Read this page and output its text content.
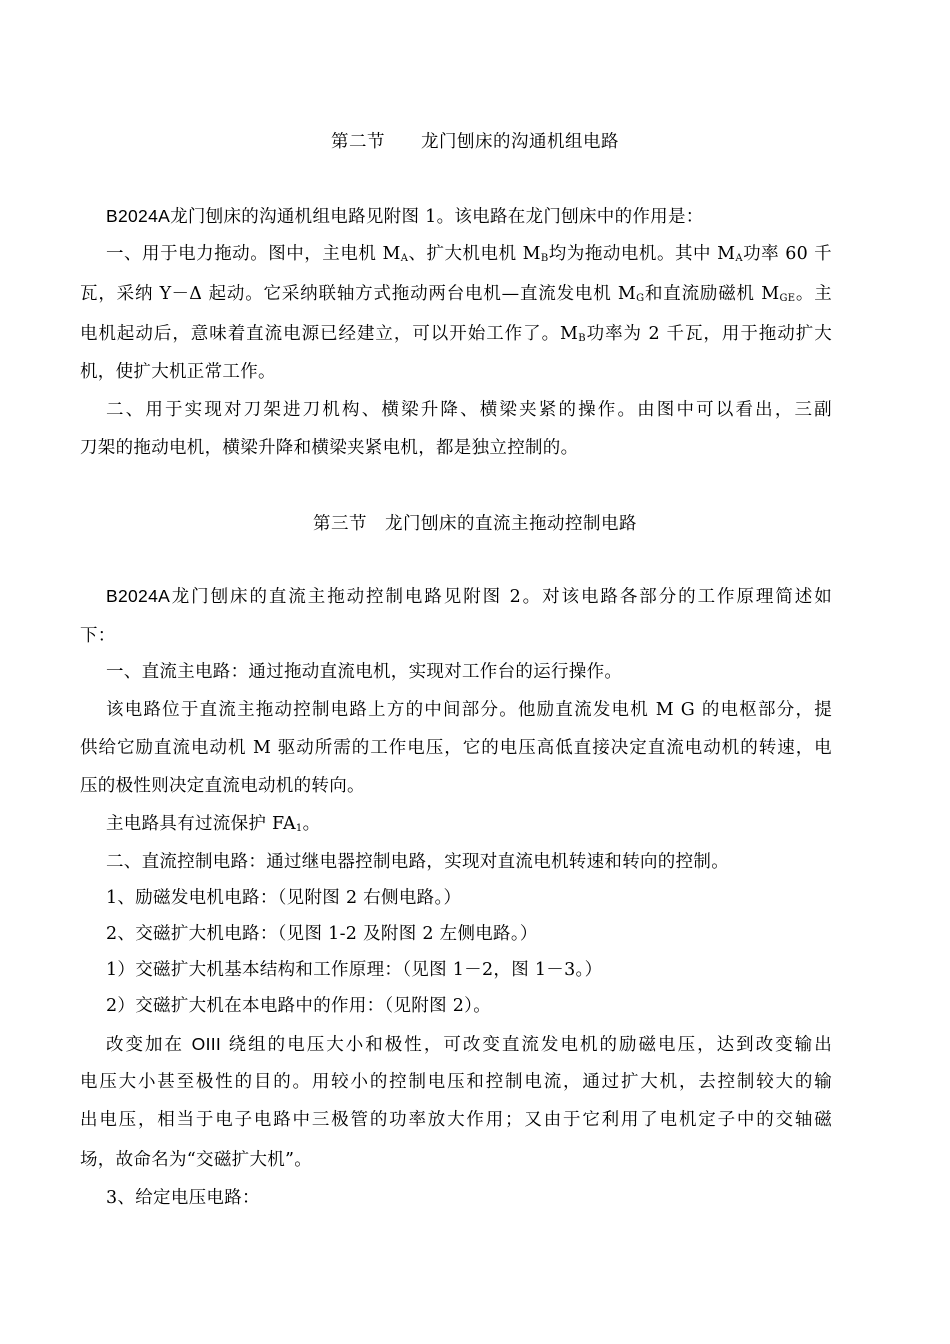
第二节　　龙门刨床的沟通机组电路
B2024A龙门刨床的沟通机组电路见附图 1。该电路在龙门刨床中的作用是：
一、用于电力拖动。图中，主电机 $M_A$、扩大机电机 $M_B$均为拖动电机。其中 $M_A$功率 60 千
瓦，采纳 Y－Δ 起动。它采纳联轴方式拖动两台电机—直流发电机 $M_G$和直流励磁机 $M_{GE}$。主
电机起动后，意味着直流电源已经建立，可以开始工作了。$M_B$功率为 2 千瓦，用于拖动扩大
机，使扩大机正常工作。
二、用于实现对刀架进刀机构、横梁升降、横梁夹紧的操作。由图中可以看出，三副
刀架的拖动电机，横梁升降和横梁夹紧电机，都是独立控制的。
第三节　龙门刨床的直流主拖动控制电路
B2024A龙门刨床的直流主拖动控制电路见附图 2。对该电路各部分的工作原理简述如
下：
一、直流主电路：通过拖动直流电机，实现对工作台的运行操作。
该电路位于直流主拖动控制电路上方的中间部分。他励直流发电机 M G 的电枢部分，提
供给它励直流电动机 M 驱动所需的工作电压，它的电压高低直接决定直流电动机的转速，电
压的极性则决定直流电动机的转向。
主电路具有过流保护 $FA_1$。
二、直流控制电路：通过继电器控制电路，实现对直流电机转速和转向的控制。
1、励磁发电机电路：（见附图 2 右侧电路。）
2、交磁扩大机电路：（见图 1-2 及附图 2 左侧电路。）
1）交磁扩大机基本结构和工作原理：（见图 1－2，图 1－3。）
2）交磁扩大机在本电路中的作用：（见附图 2）。
改变加在 OIII 绕组的电压大小和极性，可改变直流发电机的励磁电压，达到改变输出
电压大小甚至极性的目的。用较小的控制电压和控制电流，通过扩大机，去控制较大的输
出电压，相当于电子电路中三极管的功率放大作用；又由于它利用了电机定子中的交轴磁
场，故命名为“交磁扩大机”。
3、给定电压电路：
